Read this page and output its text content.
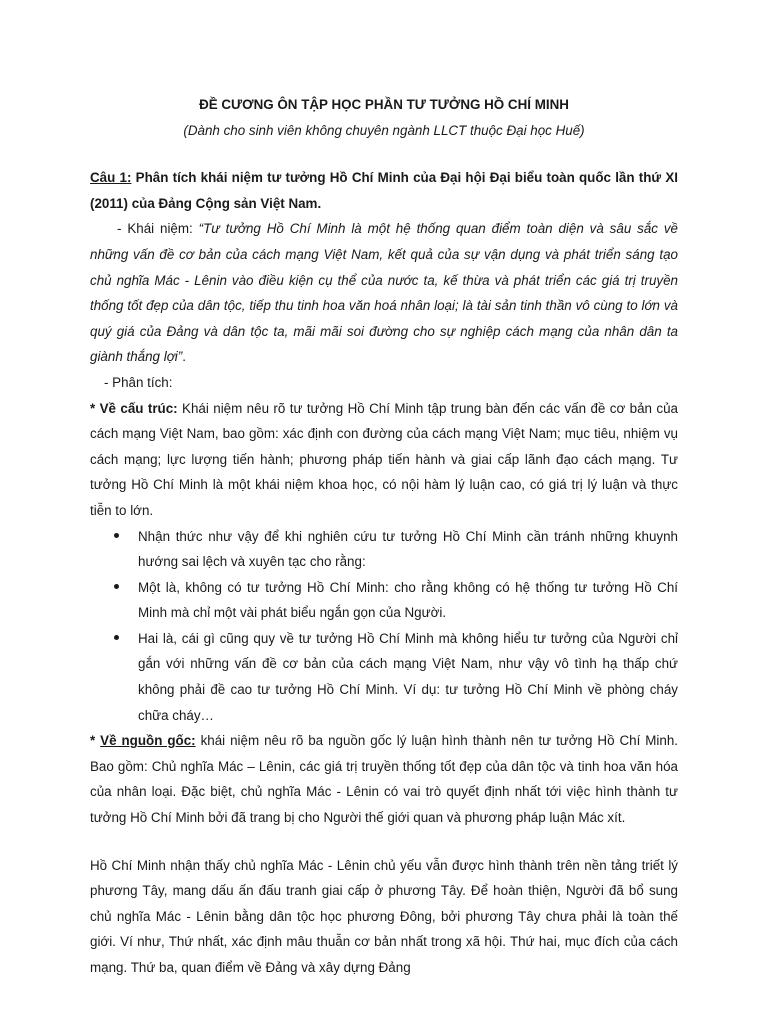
ĐỀ CƯƠNG ÔN TẬP HỌC PHẦN TƯ TƯỞNG HỒ CHÍ MINH
(Dành cho sinh viên không chuyên ngành LLCT thuộc Đại học Huế)
Câu 1: Phân tích khái niệm tư tưởng Hồ Chí Minh của Đại hội Đại biểu toàn quốc lần thứ XI (2011) của Đảng Cộng sản Việt Nam.
- Khái niệm: “Tư tưởng Hồ Chí Minh là một hệ thống quan điểm toàn diện và sâu sắc về những vấn đề cơ bản của cách mạng Việt Nam, kết quả của sự vận dụng và phát triển sáng tạo chủ nghĩa Mác - Lênin vào điều kiện cụ thể của nước ta, kế thừa và phát triển các giá trị truyền thống tốt đẹp của dân tộc, tiếp thu tinh hoa văn hoá nhân loại; là tài sản tinh thần vô cùng to lớn và quý giá của Đảng và dân tộc ta, mãi mãi soi đường cho sự nghiệp cách mạng của nhân dân ta giành thắng lợi”.
- Phân tích:
* Về cấu trúc: Khái niệm nêu rõ tư tưởng Hồ Chí Minh tập trung bàn đến các vấn đề cơ bản của cách mạng Việt Nam, bao gồm: xác định con đường của cách mạng Việt Nam; mục tiêu, nhiệm vụ cách mạng; lực lượng tiến hành; phương pháp tiến hành và giai cấp lãnh đạo cách mạng. Tư tưởng Hồ Chí Minh là một khái niệm khoa học, có nội hàm lý luận cao, có giá trị lý luận và thực tiễn to lớn.
Nhận thức như vậy để khi nghiên cứu tư tưởng Hồ Chí Minh cần tránh những khuynh hướng sai lệch và xuyên tạc cho rằng:
Một là, không có tư tưởng Hồ Chí Minh: cho rằng không có hệ thống tư tưởng Hồ Chí Minh mà chỉ một vài phát biểu ngắn gọn của Người.
Hai là, cái gì cũng quy về tư tưởng Hồ Chí Minh mà không hiểu tư tưởng của Người chỉ gắn với những vấn đề cơ bản của cách mạng Việt Nam, như vậy vô tình hạ thấp chứ không phải đề cao tư tưởng Hồ Chí Minh. Ví dụ: tư tưởng Hồ Chí Minh về phòng cháy chữa cháy…
* Về nguồn gốc: khái niệm nêu rõ ba nguồn gốc lý luận hình thành nên tư tưởng Hồ Chí Minh. Bao gồm: Chủ nghĩa Mác – Lênin, các giá trị truyền thống tốt đẹp của dân tộc và tinh hoa văn hóa của nhân loại. Đặc biệt, chủ nghĩa Mác - Lênin có vai trò quyết định nhất tới việc hình thành tư tưởng Hồ Chí Minh bởi đã trang bị cho Người thế giới quan và phương pháp luận Mác xít.
Hồ Chí Minh nhận thấy chủ nghĩa Mác - Lênin chủ yếu vẫn được hình thành trên nền tảng triết lý phương Tây, mang dấu ấn đấu tranh giai cấp ở phương Tây. Để hoàn thiện, Người đã bổ sung chủ nghĩa Mác - Lênin bằng dân tộc học phương Đông, bởi phương Tây chưa phải là toàn thế giới. Ví như, Thứ nhất, xác định mâu thuẫn cơ bản nhất trong xã hội. Thứ hai, mục đích của cách mạng. Thứ ba, quan điểm về Đảng và xây dựng Đảng
